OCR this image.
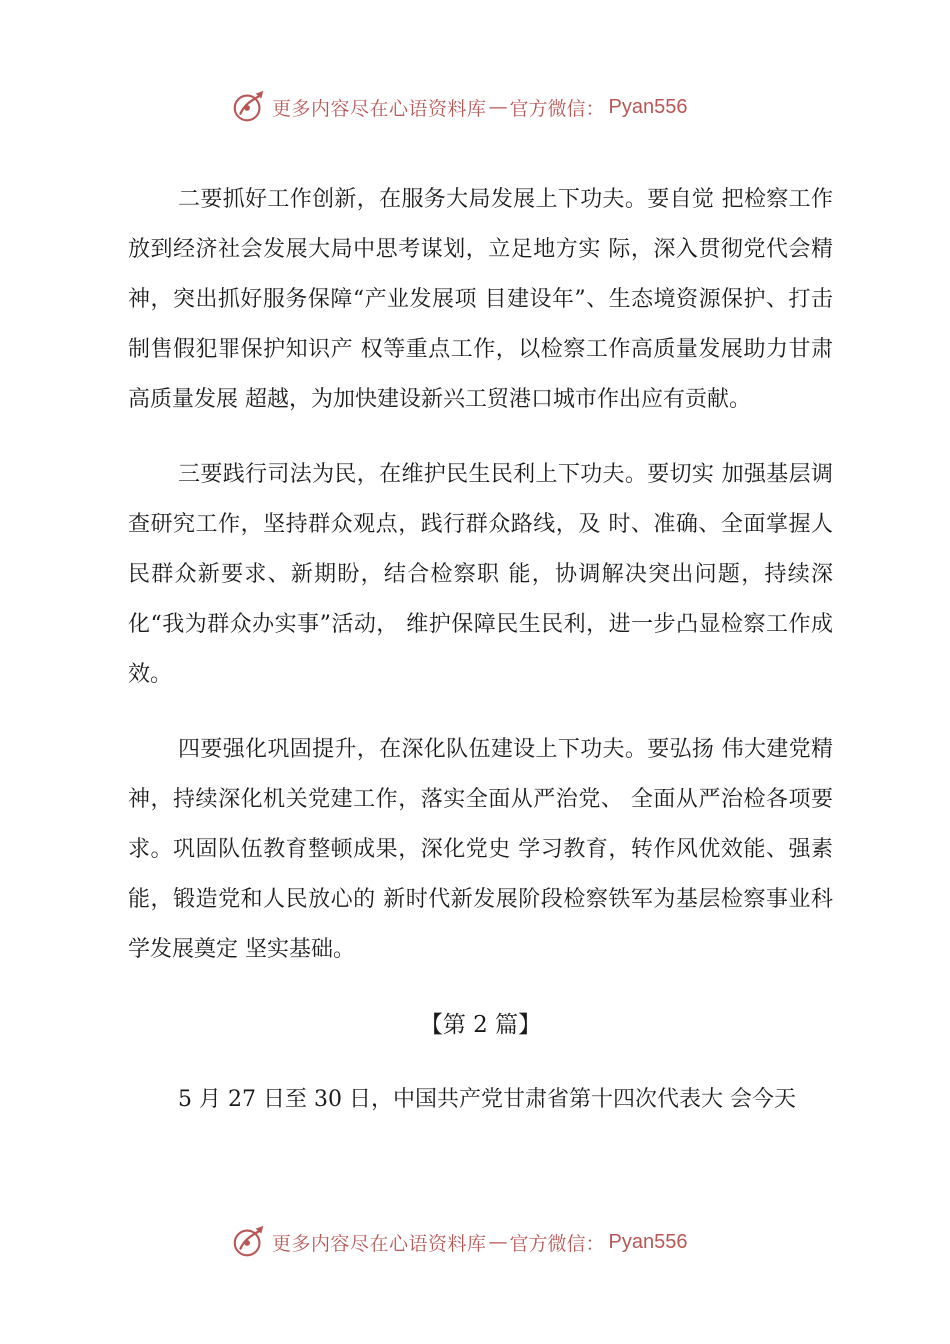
更多内容尽在心语资料库 — 官方微信： Pyan556

二要抓好工作创新，在服务大局发展上下功夫。要自觉 把检察工作放到经济社会发展大局中思考谋划，立足地方实 际，深入贯彻党代会精神，突出抓好服务保障“产业发展项 目建设年”、生态境资源保护、打击制售假犯罪保护知识产 权等重点工作，以检察工作高质量发展助力甘肃高质量发展 超越，为加快建设新兴工贸港口城市作出应有贡献。

三要践行司法为民，在维护民生民利上下功夫。要切实 加强基层调查研究工作，坚持群众观点，践行群众路线，及 时、准确、全面掌握人民群众新要求、新期盼，结合检察职 能，协调解决突出问题，持续深化“我为群众办实事”活动， 维护保障民生民利，进一步凸显检察工作成效。

四要强化巩固提升，在深化队伍建设上下功夫。要弘扬 伟大建党精神，持续深化机关党建工作，落实全面从严治党、 全面从严治检各项要求。巩固队伍教育整顿成果，深化党史 学习教育，转作风优效能、强素能，锻造党和人民放心的 新时代新发展阶段检察铁军为基层检察事业科学发展奠定 坚实基础。

【第 2 篇】

5 月 27 日至 30 日，中国共产党甘肃省第十四次代表大 会今天

更多内容尽在心语资料库 — 官方微信： Pyan556
